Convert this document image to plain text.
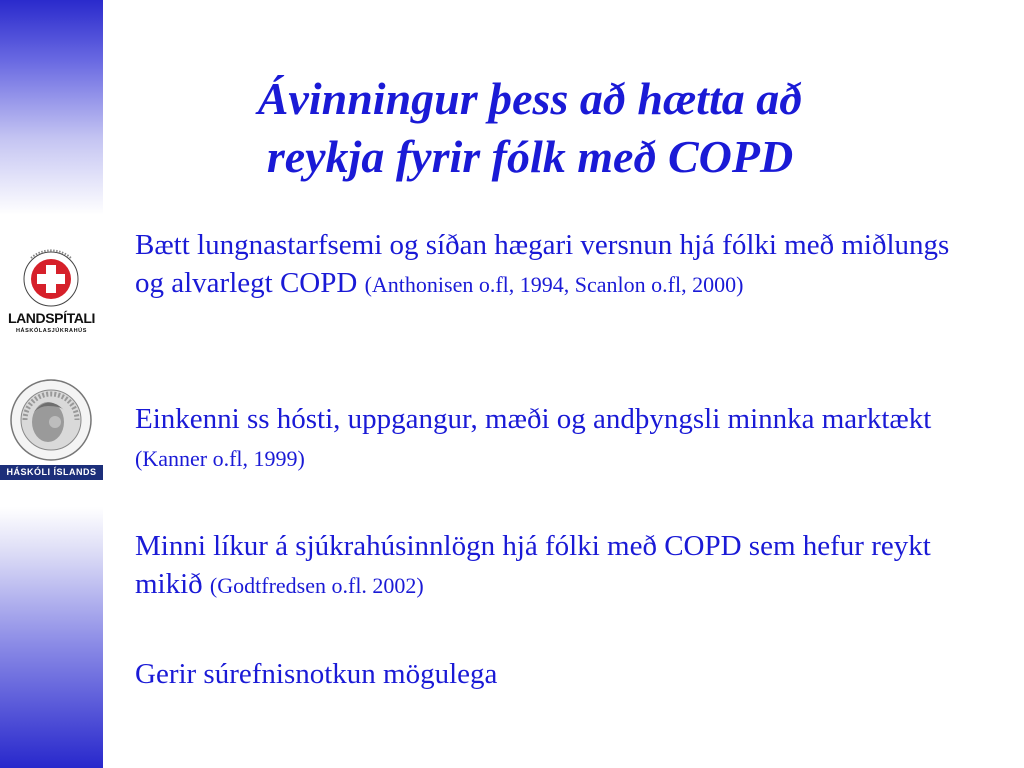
LANDSPÍTALI
HÁSKÓLASJÚKRAHÚS
HÁSKÓLI ÍSLANDS
Ávinningur þess að hætta að
reykja fyrir fólk með COPD
Bætt lungnastarfsemi og síðan hægari versnun hjá fólki með miðlungs og alvarlegt COPD (Anthonisen o.fl, 1994, Scanlon o.fl, 2000)
Einkenni ss hósti, uppgangur, mæði og andþyngsli minnka marktækt (Kanner o.fl, 1999)
Minni líkur á sjúkrahúsinnlögn hjá fólki með COPD sem hefur reykt mikið (Godtfredsen o.fl. 2002)
Gerir súrefnisnotkun mögulega
